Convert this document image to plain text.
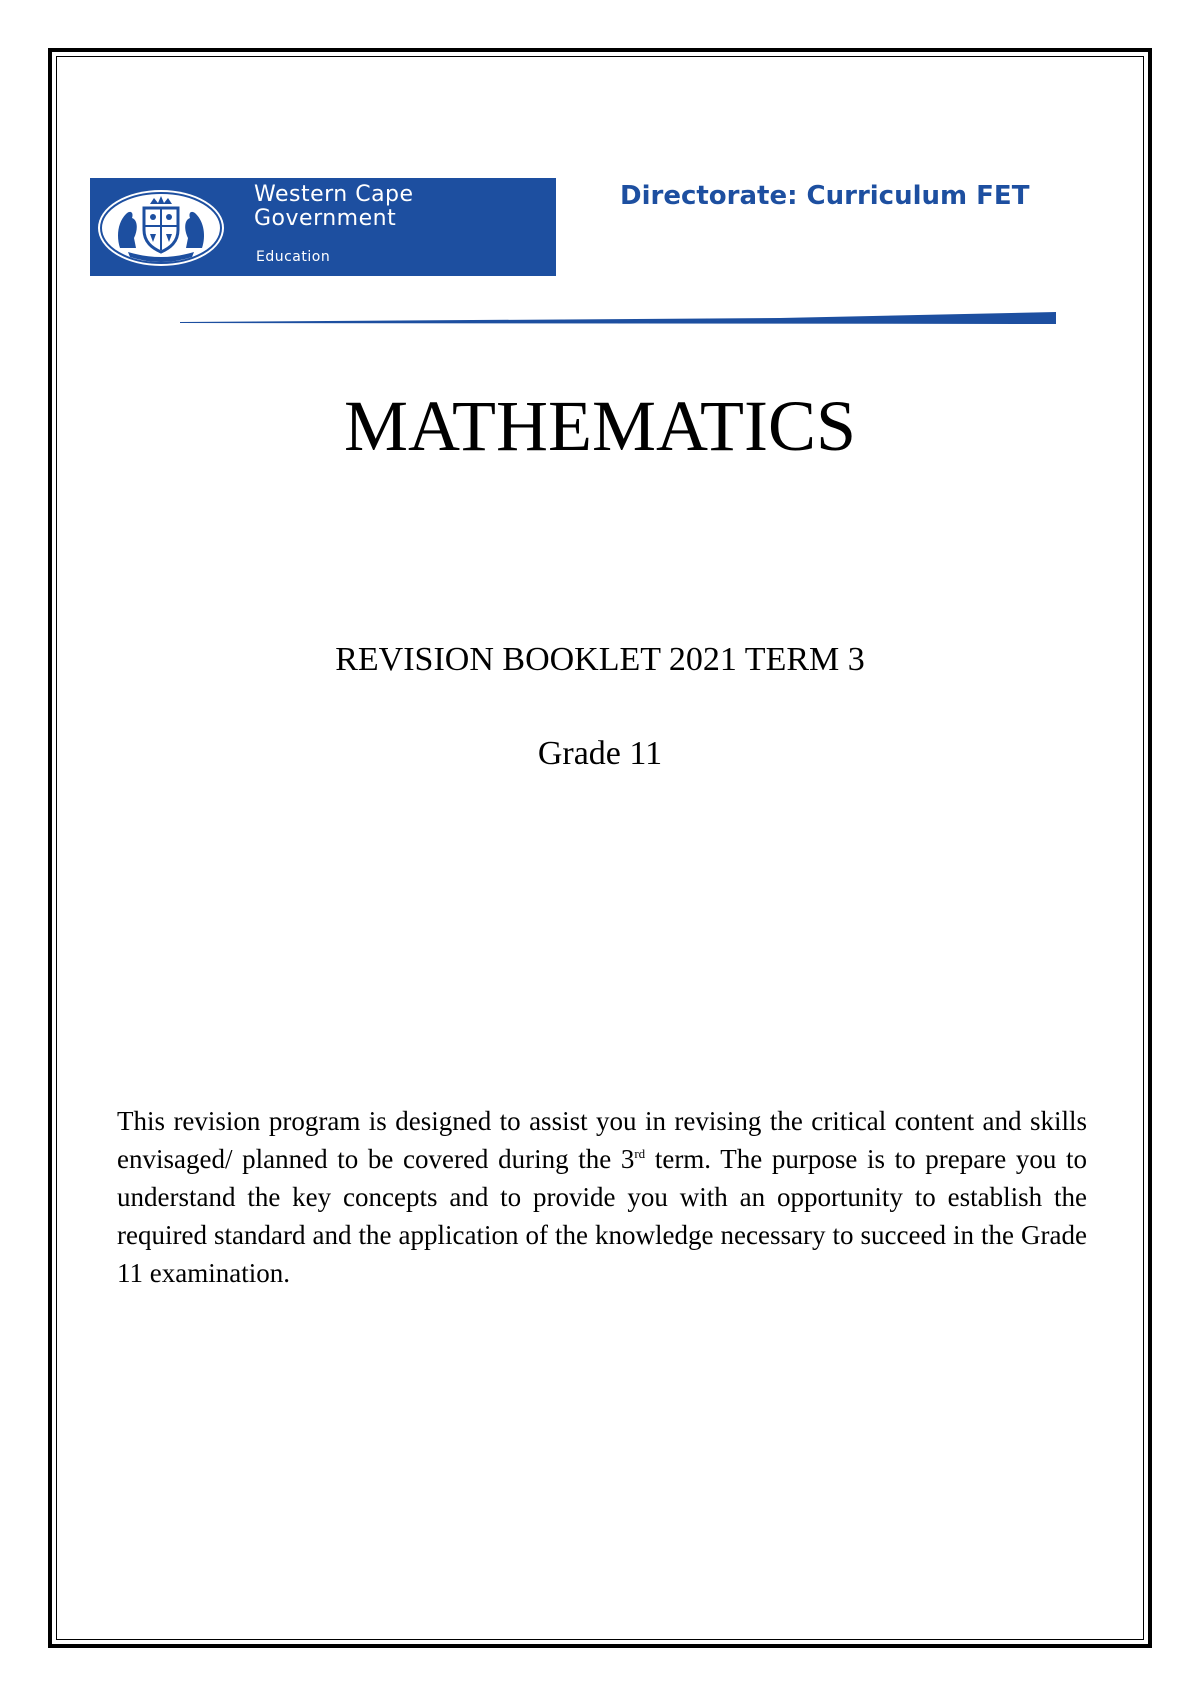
Western Cape
Government
Education
Directorate: Curriculum FET
MATHEMATICS
REVISION BOOKLET 2021 TERM 3
Grade 11

This revision program is designed to assist you in revising the critical content and skills envisaged/ planned to be covered during the 3rd term. The purpose is to prepare you to understand the key concepts and to provide you with an opportunity to establish the required standard and the application of the knowledge necessary to succeed in the Grade 11 examination.
